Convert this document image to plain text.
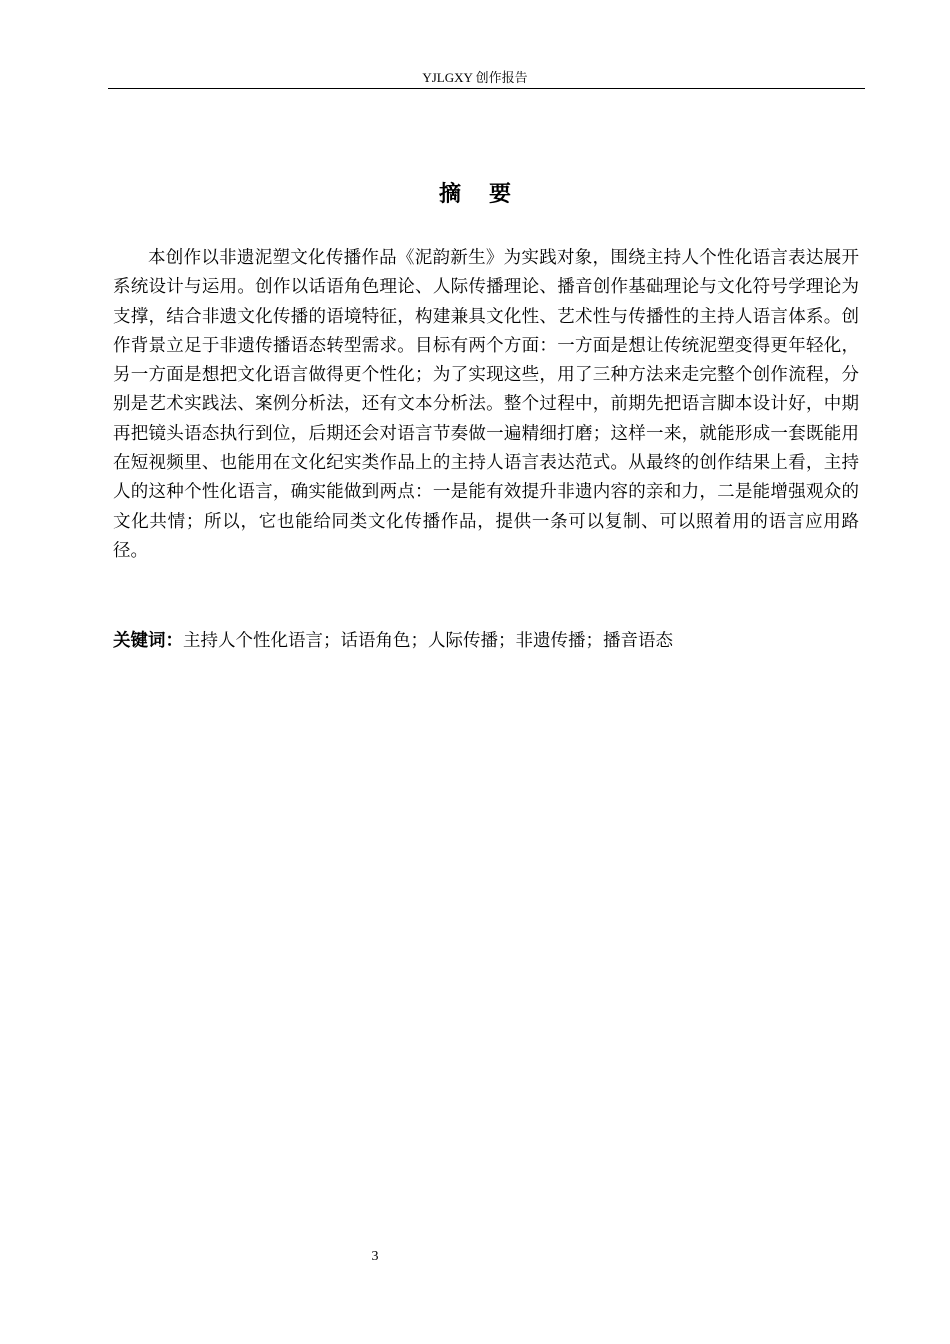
YJLGXY 创作报告
摘 要

本创作以非遗泥塑文化传播作品《泥韵新生》为实践对象，围绕主持人个性化语言表达展开系统设计与运用。创作以话语角色理论、人际传播理论、播音创作基础理论与文化符号学理论为支撑，结合非遗文化传播的语境特征，构建兼具文化性、艺术性与传播性的主持人语言体系。创作背景立足于非遗传播语态转型需求。目标有两个方面：一方面是想让传统泥塑变得更年轻化，另一方面是想把文化语言做得更个性化；为了实现这些，用了三种方法来走完整个创作流程，分别是艺术实践法、案例分析法，还有文本分析法。整个过程中，前期先把语言脚本设计好，中期再把镜头语态执行到位，后期还会对语言节奏做一遍精细打磨；这样一来，就能形成一套既能用在短视频里、也能用在文化纪实类作品上的主持人语言表达范式。从最终的创作结果上看，主持人的这种个性化语言，确实能做到两点：一是能有效提升非遗内容的亲和力，二是能增强观众的文化共情；所以，它也能给同类文化传播作品，提供一条可以复制、可以照着用的语言应用路径。

关键词：主持人个性化语言；话语角色；人际传播；非遗传播；播音语态
3
